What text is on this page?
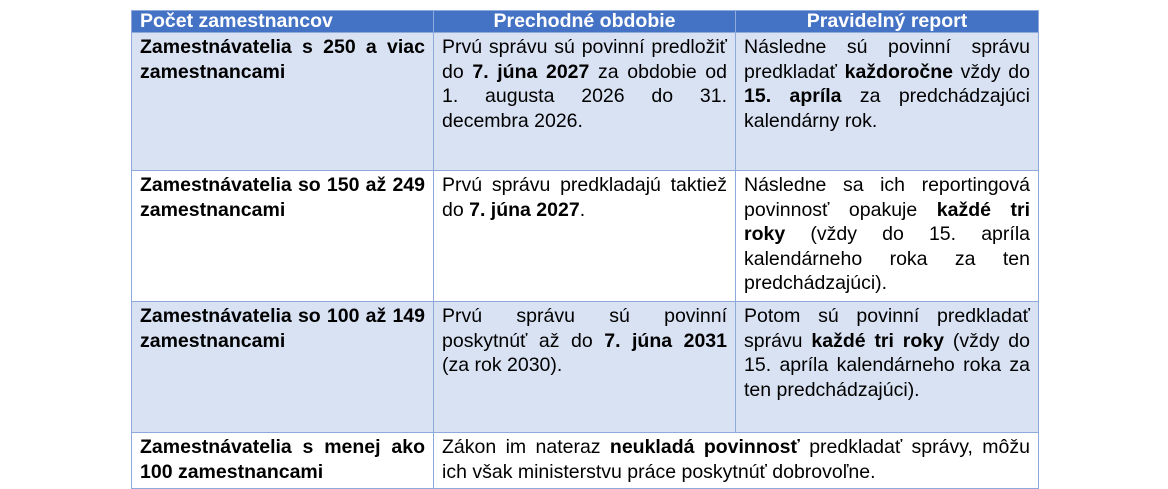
Počet zamestnancov	Prechodné obdobie	Pravidelný report
Zamestnávatelia s 250 a viac zamestnancami	Prvú správu sú povinní predložiť do 7. júna 2027 za obdobie od 1. augusta 2026 do 31. decembra 2026.	Následne sú povinní správu predkladať každoročne vždy do 15. apríla za predchádzajúci kalendárny rok.
Zamestnávatelia so 150 až 249 zamestnancami	Prvú správu predkladajú taktiež do 7. júna 2027.	Následne sa ich reportingová povinnosť opakuje každé tri roky (vždy do 15. apríla kalendárneho roka za ten predchádzajúci).
Zamestnávatelia so 100 až 149 zamestnancami	Prvú správu sú povinní poskytnúť až do 7. júna 2031 (za rok 2030).	Potom sú povinní predkladať správu každé tri roky (vždy do 15. apríla kalendárneho roka za ten predchádzajúci).
Zamestnávatelia s menej ako 100 zamestnancami	Zákon im nateraz neukladá povinnosť predkladať správy, môžu ich však ministerstvu práce poskytnúť dobrovoľne.	
